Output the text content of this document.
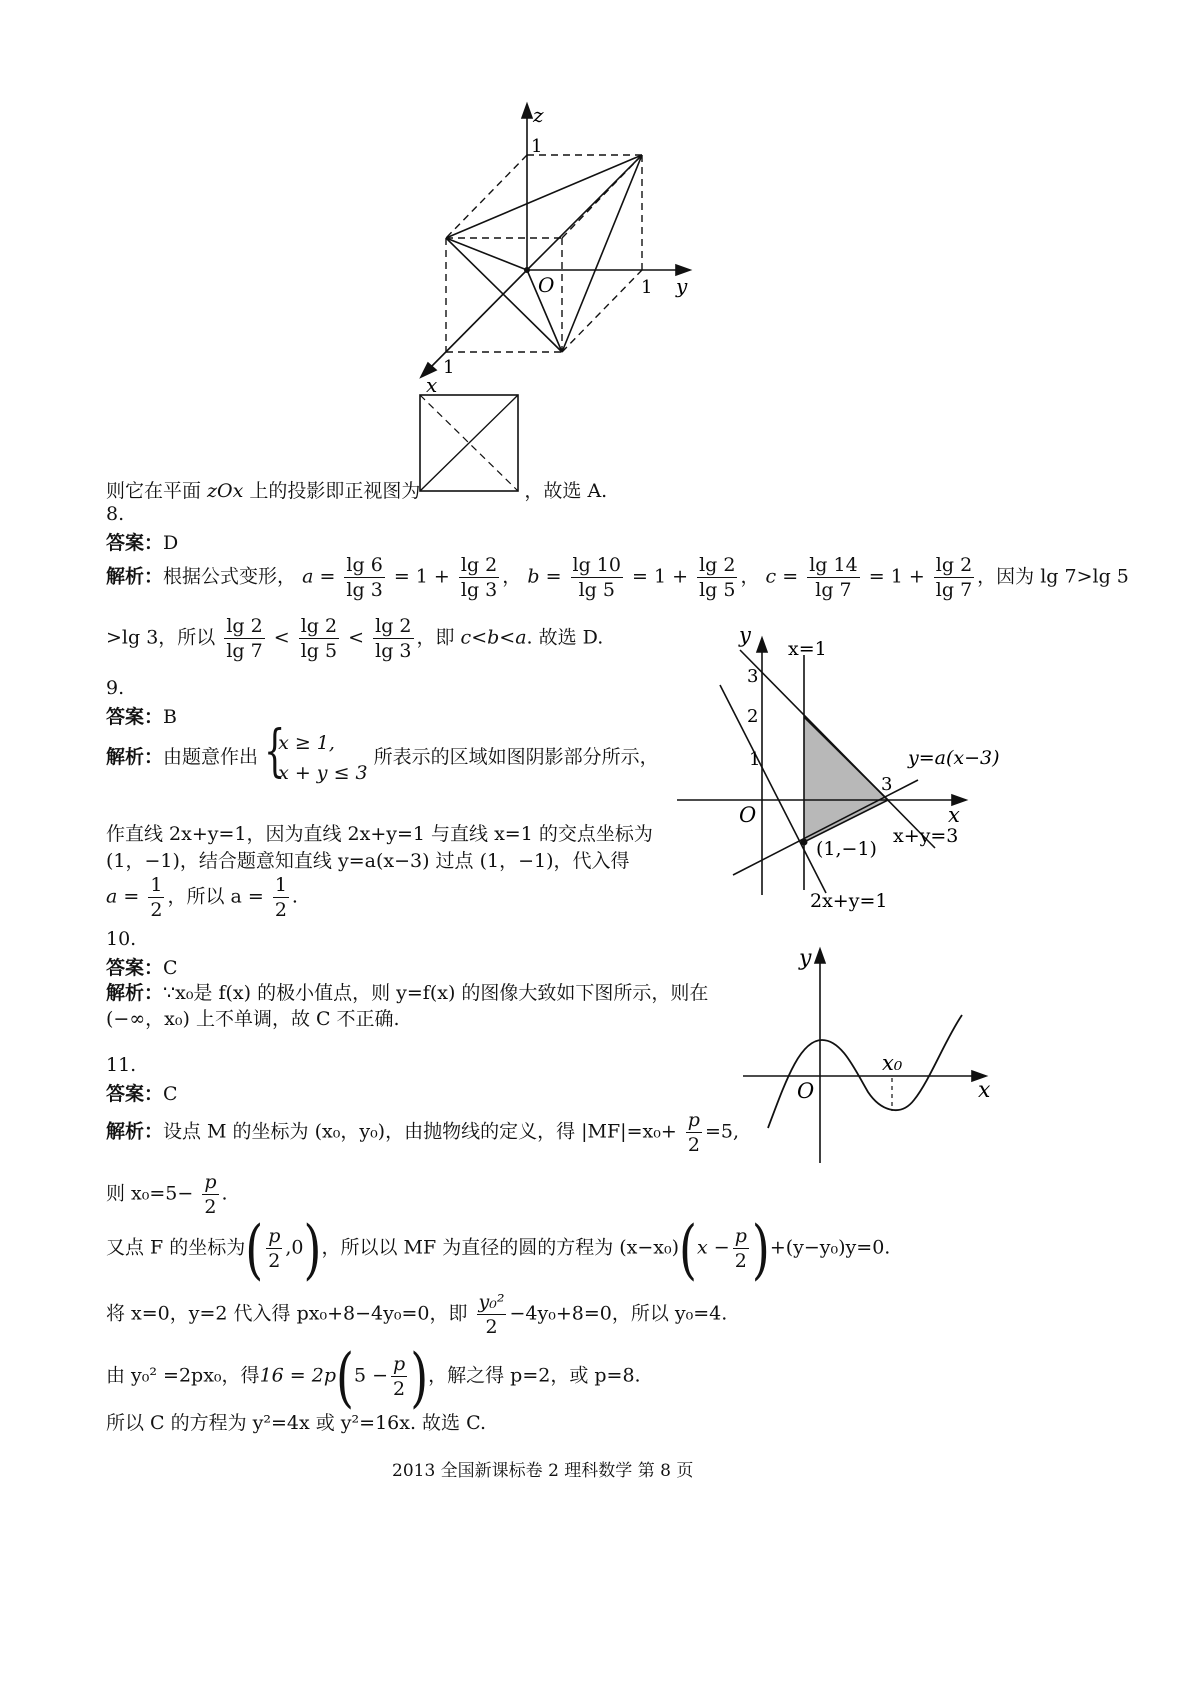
z
y
x
O
1
1
1
则它在平面 zOx 上的投影即正视图为	，故选 A.
8.
答案：D
解析：根据公式变形， $a = \frac{\lg 6}{\lg 3} = 1 + \frac{\lg 2}{\lg 3}$ ， $b = \frac{\lg 10}{\lg 5} = 1 + \frac{\lg 2}{\lg 5}$ ， $c = \frac{\lg 14}{\lg 7} = 1 + \frac{\lg 2}{\lg 7}$ ，因为 lg 7>lg 5
>lg 3，所以 $\frac{\lg 2}{\lg 7} < \frac{\lg 2}{\lg 5} < \frac{\lg 2}{\lg 3}$ ，即 c<b<a. 故选 D.
9.
答案：B
解析：由题意作出 {
x ≥ 1,
x + y ≤ 3
所表示的区域如图阴影部分所示，
作直线 2x+y=1，因为直线 2x+y=1 与直线 x=1 的交点坐标为
(1，−1)，结合题意知直线 y=a(x−3) 过点 (1，−1)，代入得
$a = \frac{1}{2}$ ，所以 $a = \frac{1}{2}$ .
y
x
O
3
2
1
3
x=1
y=a(x−3)
x+y=3
(1,−1)
2x+y=1
10.
答案：C
解析：∵x₀是 f(x) 的极小值点，则 y=f(x) 的图像大致如下图所示，则在
(−∞，x₀) 上不单调，故 C 不正确.
y
x
O
x₀
11.
答案：C
解析：设点 M 的坐标为 (x₀，y₀)，由抛物线的定义，得 $|MF|=x_0+ \frac{p}{2} =5$,
则 $x_0=5- \frac{p}{2}$ .
又点 F 的坐标为( $\frac{p}{2} ,0$)，所以以 MF 为直径的圆的方程为 $(x-x_0)(x - \frac{p}{2} )+(y-y_0)y=0$.
将 x=0，y=2 代入得 px₀+8−4y₀=0，即 $\frac{\text{y₀²}}{2} -4y_0+8=0$，所以 y₀=4.
由 y₀² =2px₀，得$16 = 2p(5 - \frac{p}{2}$ )，解之得 p=2，或 p=8.
所以 C 的方程为 y²=4x 或 y²=16x. 故选 C.
2013 全国新课标卷 2 理科数学 第 8 页
